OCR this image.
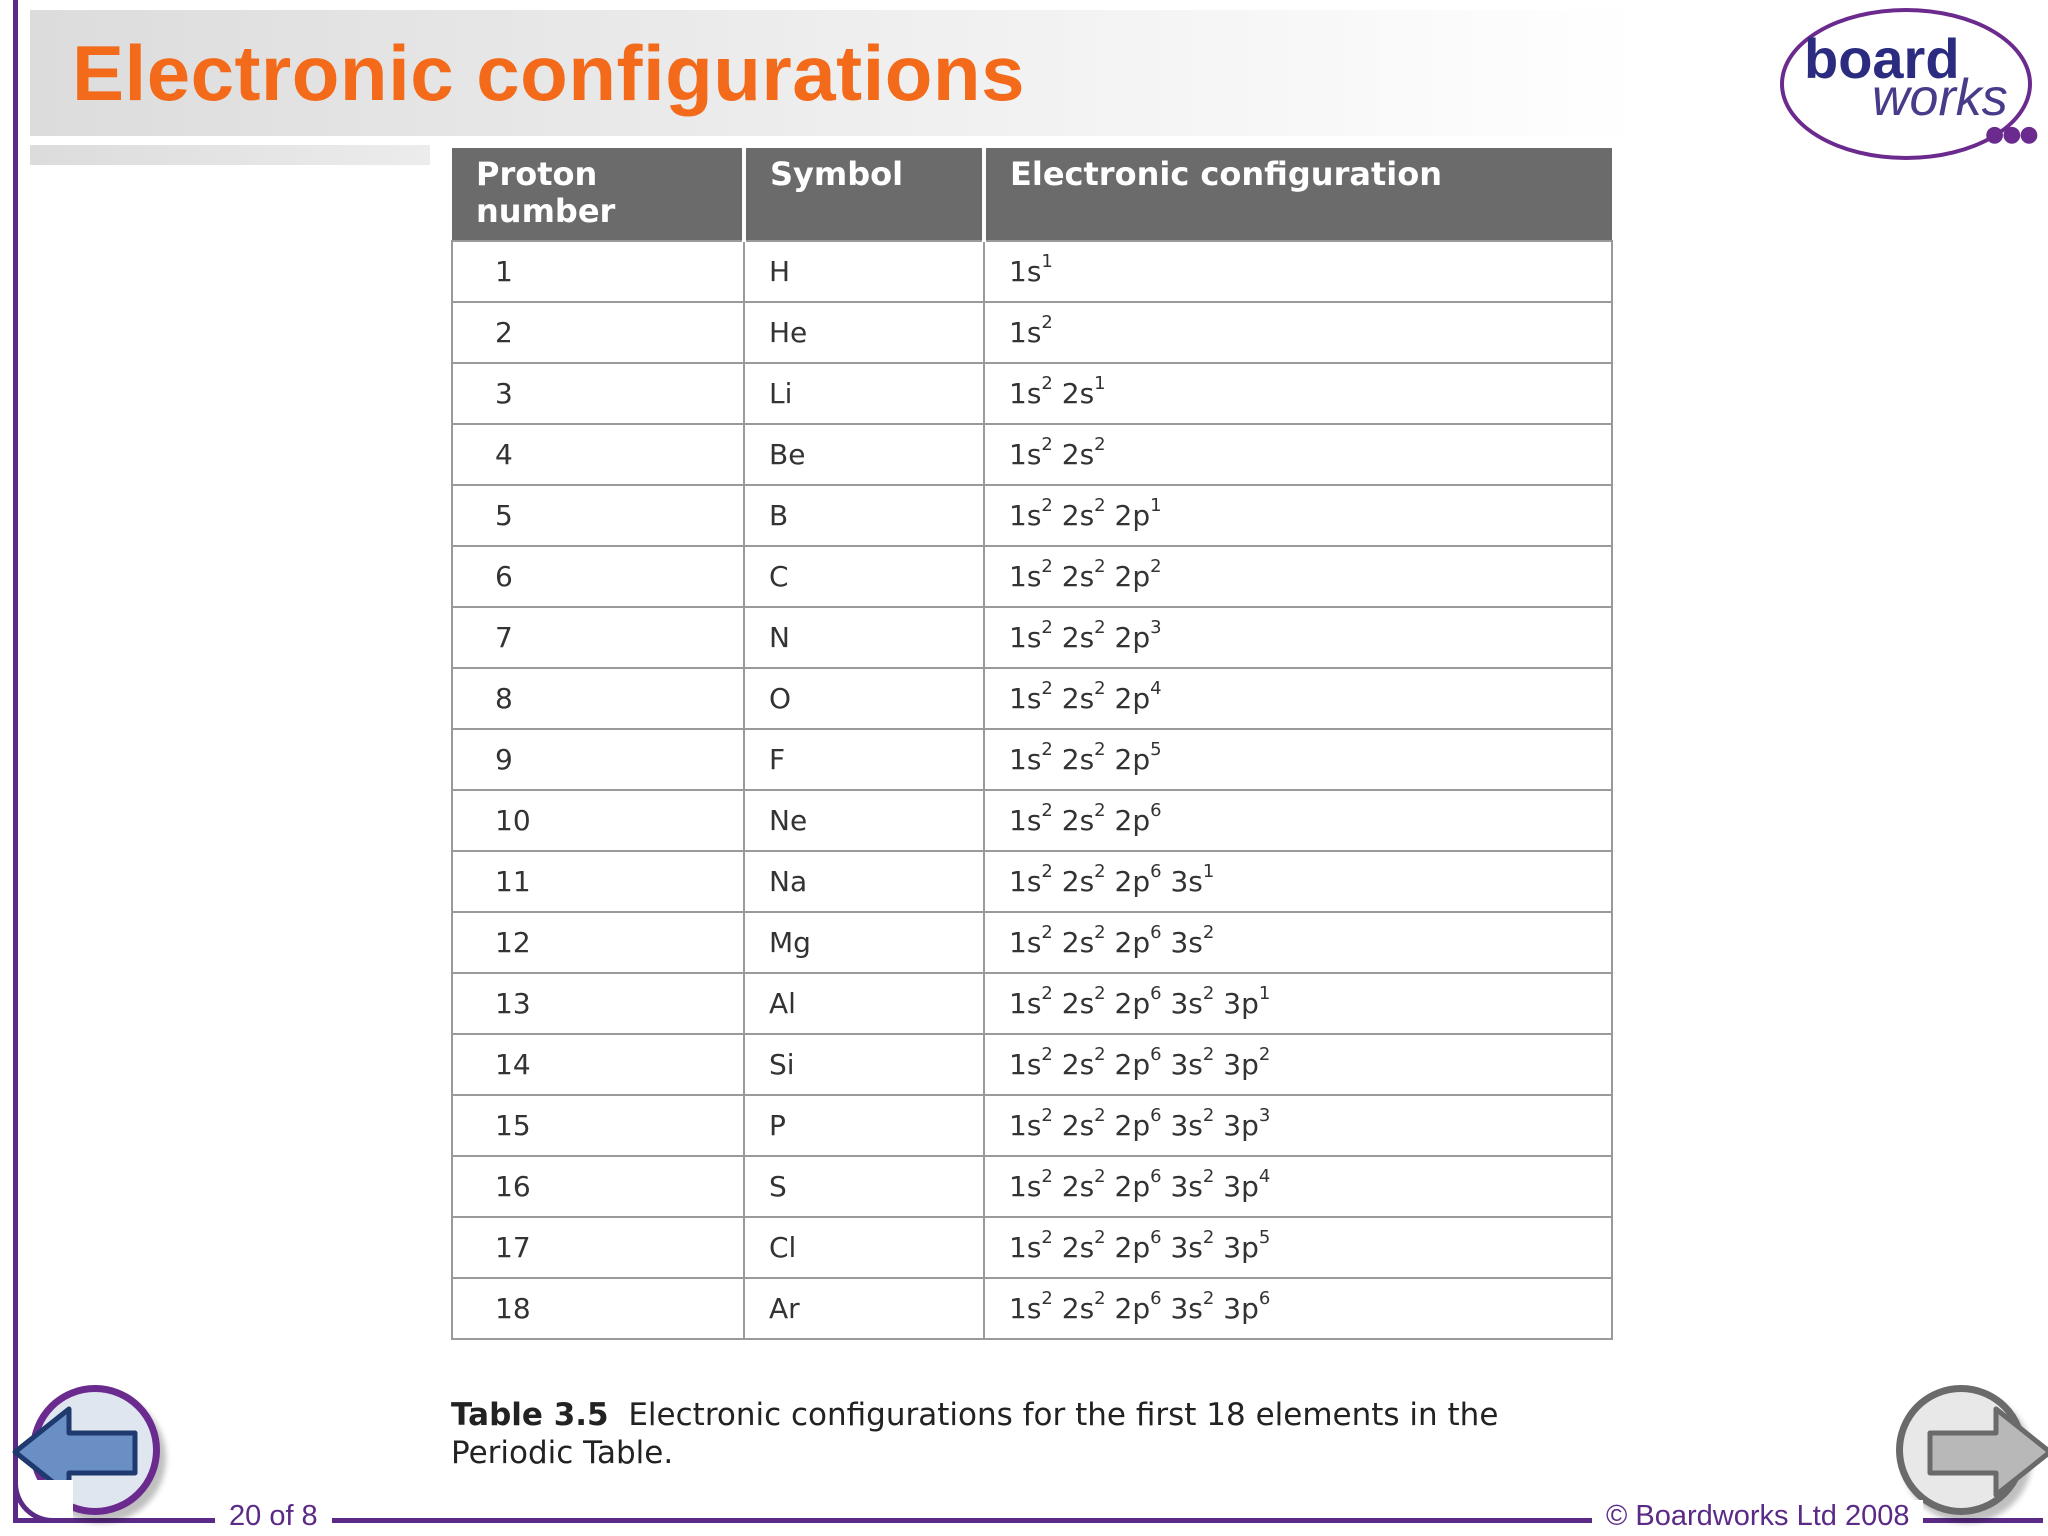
Electronic configurations	board
works
●●●
Proton number	Symbol	Electronic configuration
1	H	$1s^1$
2	He	$1s^2$
3	Li	$1s^2$ $2s^1$
4	Be	$1s^2$ $2s^2$
5	B	$1s^2$ $2s^2$ $2p^1$
6	C	$1s^2$ $2s^2$ $2p^2$
7	N	$1s^2$ $2s^2$ $2p^3$
8	O	$1s^2$ $2s^2$ $2p^4$
9	F	$1s^2$ $2s^2$ $2p^5$
10	Ne	$1s^2$ $2s^2$ $2p^6$
11	Na	$1s^2$ $2s^2$ $2p^6$ $3s^1$
12	Mg	$1s^2$ $2s^2$ $2p^6$ $3s^2$
13	Al	$1s^2$ $2s^2$ $2p^6$ $3s^2$ $3p^1$
14	Si	$1s^2$ $2s^2$ $2p^6$ $3s^2$ $3p^2$
15	P	$1s^2$ $2s^2$ $2p^6$ $3s^2$ $3p^3$
16	S	$1s^2$ $2s^2$ $2p^6$ $3s^2$ $3p^4$
17	Cl	$1s^2$ $2s^2$ $2p^6$ $3s^2$ $3p^5$
18	Ar	$1s^2$ $2s^2$ $2p^6$ $3s^2$ $3p^6$

Table 3.5 Electronic configurations for the first 18 elements in the Periodic Table.

20 of 8	© Boardworks Ltd 2008
